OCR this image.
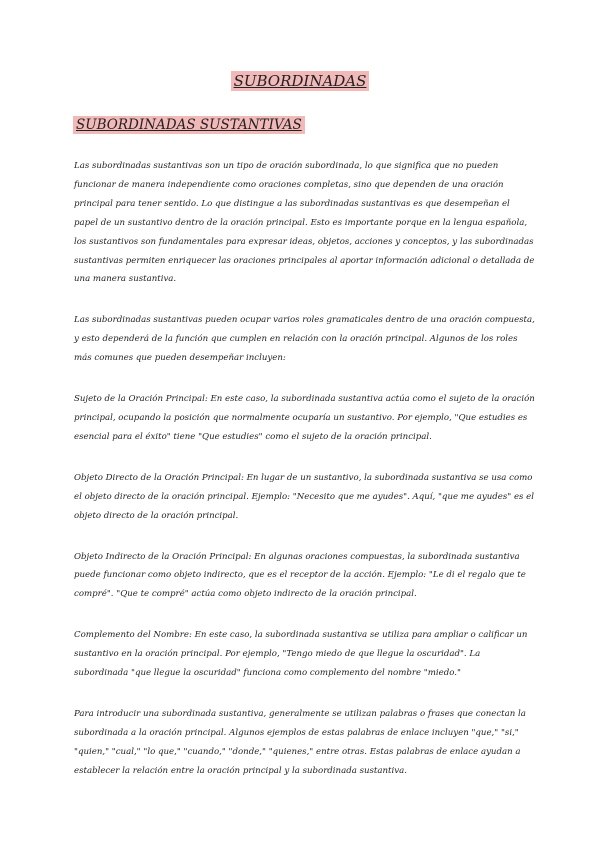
SUBORDINADAS
SUBORDINADAS SUSTANTIVAS

Las subordinadas sustantivas son un tipo de oración subordinada, lo que significa que no pueden funcionar de manera independiente como oraciones completas, sino que dependen de una oración principal para tener sentido. Lo que distingue a las subordinadas sustantivas es que desempeñan el papel de un sustantivo dentro de la oración principal. Esto es importante porque en la lengua española, los sustantivos son fundamentales para expresar ideas, objetos, acciones y conceptos, y las subordinadas sustantivas permiten enriquecer las oraciones principales al aportar información adicional o detallada de una manera sustantiva.

Las subordinadas sustantivas pueden ocupar varios roles gramaticales dentro de una oración compuesta, y esto dependerá de la función que cumplen en relación con la oración principal. Algunos de los roles más comunes que pueden desempeñar incluyen:

Sujeto de la Oración Principal: En este caso, la subordinada sustantiva actúa como el sujeto de la oración principal, ocupando la posición que normalmente ocuparía un sustantivo. Por ejemplo, "Que estudies es esencial para el éxito" tiene "Que estudies" como el sujeto de la oración principal.

Objeto Directo de la Oración Principal: En lugar de un sustantivo, la subordinada sustantiva se usa como el objeto directo de la oración principal. Ejemplo: "Necesito que me ayudes". Aquí, "que me ayudes" es el objeto directo de la oración principal.

Objeto Indirecto de la Oración Principal: En algunas oraciones compuestas, la subordinada sustantiva puede funcionar como objeto indirecto, que es el receptor de la acción. Ejemplo: "Le di el regalo que te compré". "Que te compré" actúa como objeto indirecto de la oración principal.

Complemento del Nombre: En este caso, la subordinada sustantiva se utiliza para ampliar o calificar un sustantivo en la oración principal. Por ejemplo, "Tengo miedo de que llegue la oscuridad". La subordinada "que llegue la oscuridad" funciona como complemento del nombre "miedo."

Para introducir una subordinada sustantiva, generalmente se utilizan palabras o frases que conectan la subordinada a la oración principal. Algunos ejemplos de estas palabras de enlace incluyen "que," "si," "quien," "cual," "lo que," "cuando," "donde," "quienes," entre otras. Estas palabras de enlace ayudan a establecer la relación entre la oración principal y la subordinada sustantiva.
